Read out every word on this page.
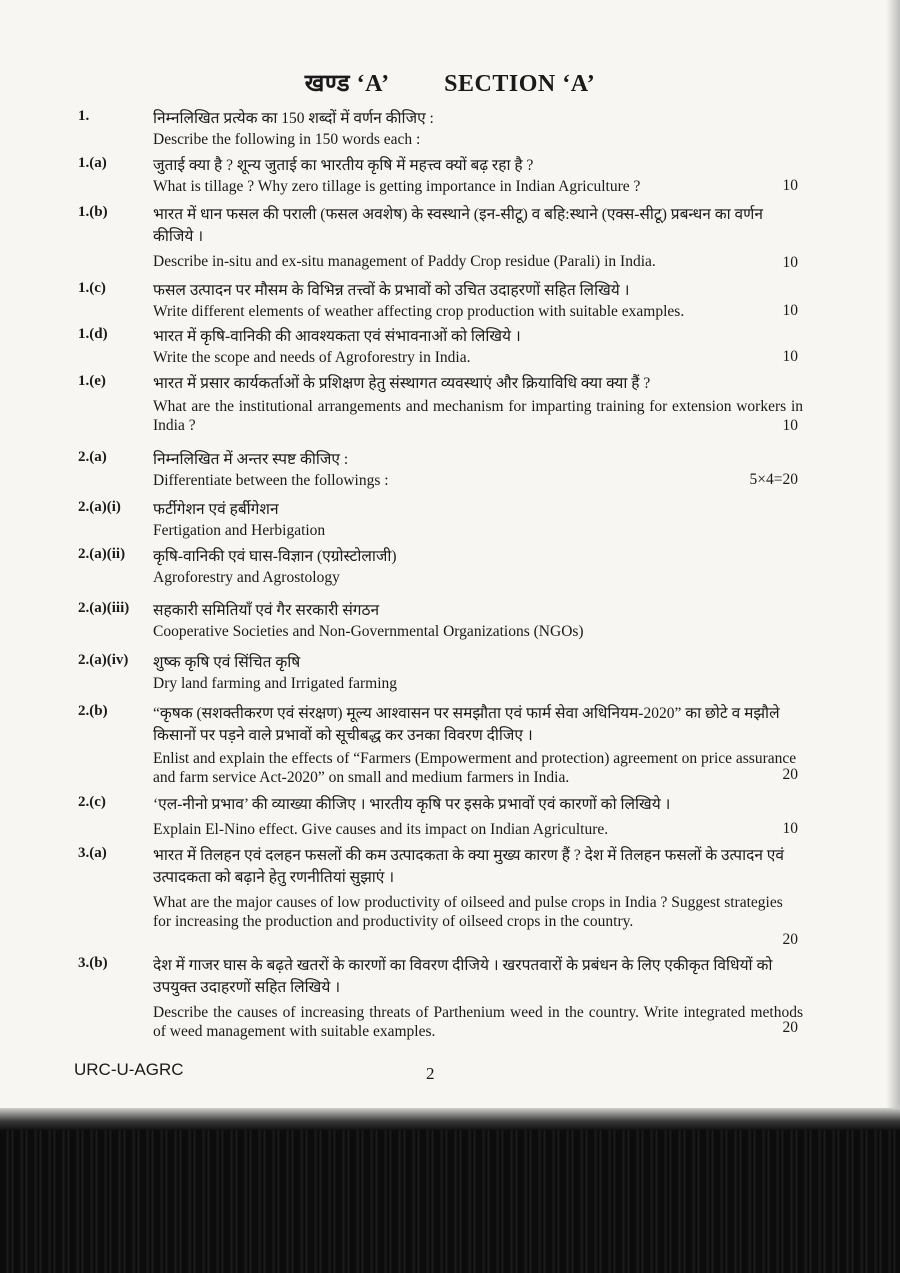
खण्ड ‘A’ SECTION ‘A’
1.	निम्नलिखित प्रत्येक का 150 शब्दों में वर्णन कीजिए :
Describe the following in 150 words each :
1.(a)	जुताई क्या है ? शून्य जुताई का भारतीय कृषि में महत्त्व क्यों बढ़ रहा है ?
What is tillage ? Why zero tillage is getting importance in Indian Agriculture ?	10
1.(b)	भारत में धान फसल की पराली (फसल अवशेष) के स्वस्थाने (इन-सीटू) व बहि:स्थाने (एक्स-सीटू) प्रबन्धन का वर्णन कीजिये ।
Describe in-situ and ex-situ management of Paddy Crop residue (Parali) in India.	10
1.(c)	फसल उत्पादन पर मौसम के विभिन्न तत्त्वों के प्रभावों को उचित उदाहरणों सहित लिखिये ।
Write different elements of weather affecting crop production with suitable examples.	10
1.(d)	भारत में कृषि-वानिकी की आवश्यकता एवं संभावनाओं को लिखिये ।
Write the scope and needs of Agroforestry in India.	10
1.(e)	भारत में प्रसार कार्यकर्ताओं के प्रशिक्षण हेतु संस्थागत व्यवस्थाएं और क्रियाविधि क्या क्या हैं ?
What are the institutional arrangements and mechanism for imparting training for extension workers in India ?	10
2.(a)	निम्नलिखित में अन्तर स्पष्ट कीजिए :
Differentiate between the followings :	5×4=20
2.(a)(i) फर्टीगेशन एवं हर्बीगेशन
Fertigation and Herbigation
2.(a)(ii) कृषि-वानिकी एवं घास-विज्ञान (एग्रोस्टोलाजी)
Agroforestry and Agrostology
2.(a)(iii) सहकारी समितियाँ एवं गैर सरकारी संगठन
Cooperative Societies and Non-Governmental Organizations (NGOs)
2.(a)(iv) शुष्क कृषि एवं सिंचित कृषि
Dry land farming and Irrigated farming
2.(b)	“कृषक (सशक्तीकरण एवं संरक्षण) मूल्य आश्वासन पर समझौता एवं फार्म सेवा अधिनियम-2020” का छोटे व मझौले किसानों पर पड़ने वाले प्रभावों को सूचीबद्ध कर उनका विवरण दीजिए ।
Enlist and explain the effects of “Farmers (Empowerment and protection) agreement on price assurance and farm service Act-2020” on small and medium farmers in India.	20
2.(c)	‘एल-नीनो प्रभाव’ की व्याख्या कीजिए । भारतीय कृषि पर इसके प्रभावों एवं कारणों को लिखिये ।
Explain El-Nino effect. Give causes and its impact on Indian Agriculture.	10
3.(a)	भारत में तिलहन एवं दलहन फसलों की कम उत्पादकता के क्या मुख्य कारण हैं ? देश में तिलहन फसलों के उत्पादन एवं उत्पादकता को बढ़ाने हेतु रणनीतियां सुझाएं ।
What are the major causes of low productivity of oilseed and pulse crops in India ? Suggest strategies for increasing the production and productivity of oilseed crops in the country.
20
3.(b)	देश में गाजर घास के बढ़ते खतरों के कारणों का विवरण दीजिये । खरपतवारों के प्रबंधन के लिए एकीकृत विधियों को उपयुक्त उदाहरणों सहित लिखिये ।
Describe the causes of increasing threats of Parthenium weed in the country. Write integrated methods of weed management with suitable examples.	20
URC-U-AGRC	2
